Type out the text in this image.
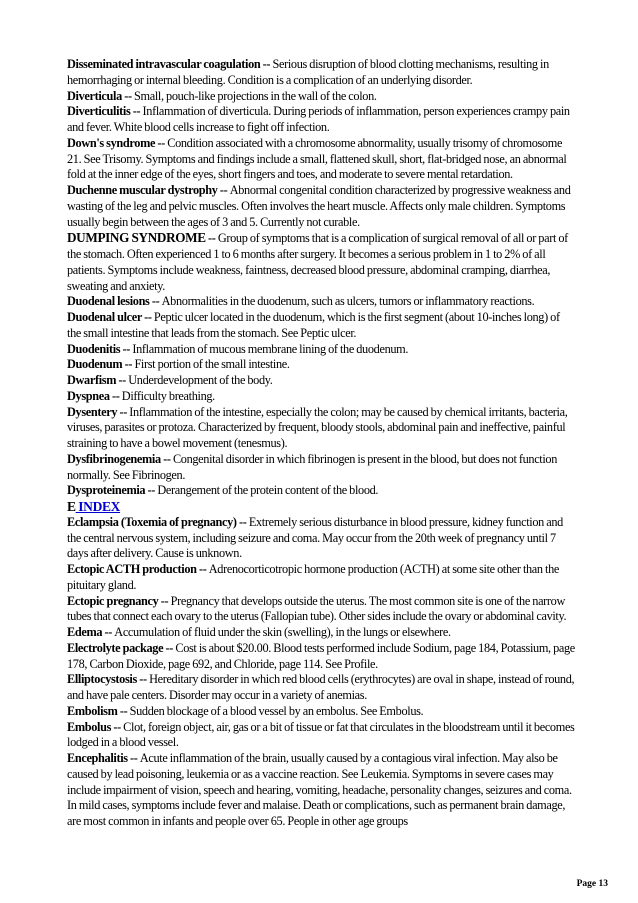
Disseminated intravascular coagulation -- Serious disruption of blood clotting mechanisms, resulting in hemorrhaging or internal bleeding. Condition is a complication of an underlying disorder.

Diverticula -- Small, pouch-like projections in the wall of the colon.

Diverticulitis -- Inflammation of diverticula. During periods of inflammation, person experiences crampy pain and fever. White blood cells increase to fight off infection.

Down's syndrome -- Condition associated with a chromosome abnormality, usually trisomy of chromosome 21. See Trisomy. Symptoms and findings include a small, flattened skull, short, flat-bridged nose, an abnormal fold at the inner edge of the eyes, short fingers and toes, and moderate to severe mental retardation.

Duchenne muscular dystrophy -- Abnormal congenital condition characterized by progressive weakness and wasting of the leg and pelvic muscles. Often involves the heart muscle. Affects only male children. Symptoms usually begin between the ages of 3 and 5. Currently not curable.

DUMPING SYNDROME -- Group of symptoms that is a complication of surgical removal of all or part of the stomach. Often experienced 1 to 6 months after surgery. It becomes a serious problem in 1 to 2% of all patients. Symptoms include weakness, faintness, decreased blood pressure, abdominal cramping, diarrhea, sweating and anxiety.

Duodenal lesions -- Abnormalities in the duodenum, such as ulcers, tumors or inflammatory reactions.

Duodenal ulcer -- Peptic ulcer located in the duodenum, which is the first segment (about 10-inches long) of the small intestine that leads from the stomach. See Peptic ulcer.

Duodenitis -- Inflammation of mucous membrane lining of the duodenum.

Duodenum -- First portion of the small intestine.

Dwarfism -- Underdevelopment of the body.

Dyspnea -- Difficulty breathing.

Dysentery -- Inflammation of the intestine, especially the colon; may be caused by chemical irritants, bacteria, viruses, parasites or protoza. Characterized by frequent, bloody stools, abdominal pain and ineffective, painful straining to have a bowel movement (tenesmus).

Dysfibrinogenemia -- Congenital disorder in which fibrinogen is present in the blood, but does not function normally. See Fibrinogen.

Dysproteinemia -- Derangement of the protein content of the blood.

E INDEX

Eclampsia (Toxemia of pregnancy) -- Extremely serious disturbance in blood pressure, kidney function and the central nervous system, including seizure and coma. May occur from the 20th week of pregnancy until 7 days after delivery. Cause is unknown.

Ectopic ACTH production -- Adrenocorticotropic hormone production (ACTH) at some site other than the pituitary gland.

Ectopic pregnancy -- Pregnancy that develops outside the uterus. The most common site is one of the narrow tubes that connect each ovary to the uterus (Fallopian tube). Other sides include the ovary or abdominal cavity.

Edema -- Accumulation of fluid under the skin (swelling), in the lungs or elsewhere.

Electrolyte package -- Cost is about $20.00. Blood tests performed include Sodium, page 184, Potassium, page 178, Carbon Dioxide, page 692, and Chloride, page 114. See Profile.

Elliptocystosis -- Hereditary disorder in which red blood cells (erythrocytes) are oval in shape, instead of round, and have pale centers. Disorder may occur in a variety of anemias.

Embolism -- Sudden blockage of a blood vessel by an embolus. See Embolus.

Embolus -- Clot, foreign object, air, gas or a bit of tissue or fat that circulates in the bloodstream until it becomes lodged in a blood vessel.

Encephalitis -- Acute inflammation of the brain, usually caused by a contagious viral infection. May also be caused by lead poisoning, leukemia or as a vaccine reaction. See Leukemia. Symptoms in severe cases may include impairment of vision, speech and hearing, vomiting, headache, personality changes, seizures and coma. In mild cases, symptoms include fever and malaise. Death or complications, such as permanent brain damage, are most common in infants and people over 65. People in other age groups

Page 13
